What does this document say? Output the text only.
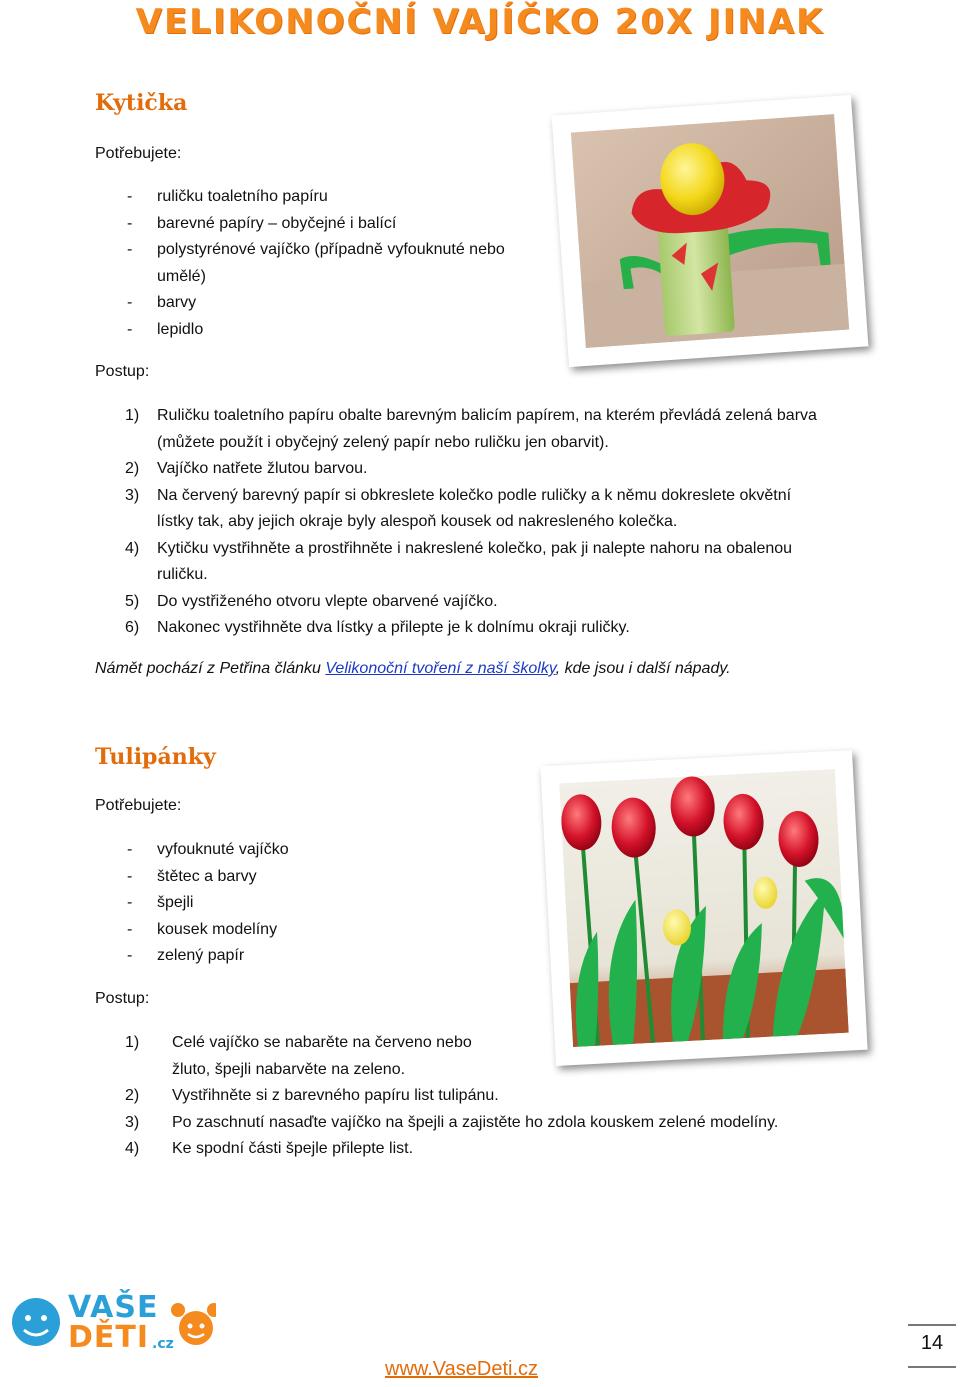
VELIKONOČNÍ VAJÍČKO 20X JINAK
Kytička
Potřebujete:
- ruličku toaletního papíru
- barevné papíry – obyčejné i balící
- polystyrénové vajíčko (případně vyfouknuté nebo
umělé)
- barvy
- lepidlo
Postup:
1) Ruličku toaletního papíru obalte barevným balicím papírem, na kterém převládá zelená barva
(můžete použít i obyčejný zelený papír nebo ruličku jen obarvit).
2) Vajíčko natřete žlutou barvou.
3) Na červený barevný papír si obkreslete kolečko podle ruličky a k němu dokreslete okvětní
lístky tak, aby jejich okraje byly alespoň kousek od nakresleného kolečka.
4) Kytičku vystřihněte a prostřihněte i nakreslené kolečko, pak ji nalepte nahoru na obalenou
ruličku.
5) Do vystřiženého otvoru vlepte obarvené vajíčko.
6) Nakonec vystřihněte dva lístky a přilepte je k dolnímu okraji ruličky.
Námět pochází z Petřina článku Velikonoční tvoření z naší školky, kde jsou i další nápady.
Tulipánky
Potřebujete:
- vyfouknuté vajíčko
- štětec a barvy
- špejli
- kousek modelíny
- zelený papír
Postup:
1) Celé vajíčko se nabarěte na červeno nebo
žluto, špejli nabarvěte na zeleno.
2) Vystřihněte si z barevného papíru list tulipánu.
3) Po zaschnutí nasaďte vajíčko na špejli a zajistěte ho zdola kouskem zelené modelíny.
4) Ke spodní části špejle přilepte list.
VAŠE
DĚTI .cz
www.VaseDeti.cz
14
